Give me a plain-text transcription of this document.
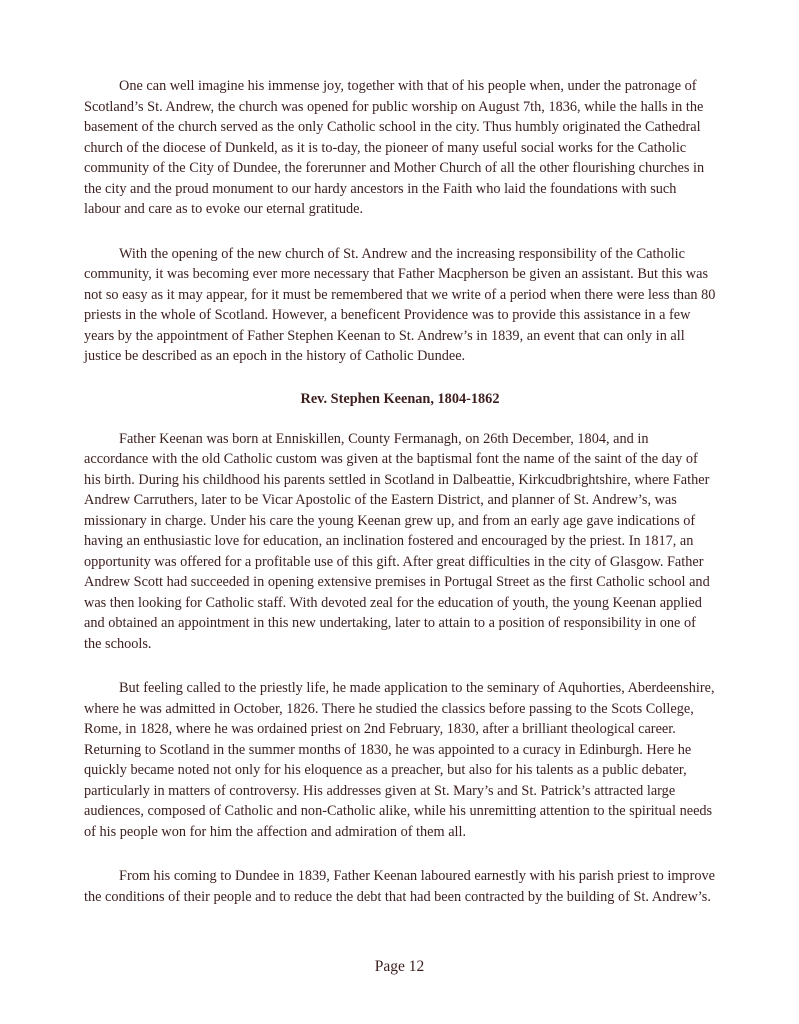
One can well imagine his immense joy, together with that of his people when, under the patronage of Scotland’s St. Andrew, the church was opened for public worship on August 7th, 1836, while the halls in the basement of the church served as the only Catholic school in the city. Thus humbly originated the Cathedral church of the diocese of Dunkeld, as it is to-day, the pioneer of many useful social works for the Catholic community of the City of Dundee, the forerunner and Mother Church of all the other flourishing churches in the city and the proud monument to our hardy ancestors in the Faith who laid the foundations with such labour and care as to evoke our eternal gratitude.

With the opening of the new church of St. Andrew and the increasing responsibility of the Catholic community, it was becoming ever more necessary that Father Macpherson be given an assistant. But this was not so easy as it may appear, for it must be remembered that we write of a period when there were less than 80 priests in the whole of Scotland. However, a beneficent Providence was to provide this assistance in a few years by the appointment of Father Stephen Keenan to St. Andrew’s in 1839, an event that can only in all justice be described as an epoch in the history of Catholic Dundee.

Rev. Stephen Keenan, 1804-1862

Father Keenan was born at Enniskillen, County Fermanagh, on 26th December, 1804, and in accordance with the old Catholic custom was given at the baptismal font the name of the saint of the day of his birth. During his childhood his parents settled in Scotland in Dalbeattie, Kirkcudbrightshire, where Father Andrew Carruthers, later to be Vicar Apostolic of the Eastern District, and planner of St. Andrew’s, was missionary in charge. Under his care the young Keenan grew up, and from an early age gave indications of having an enthusiastic love for education, an inclination fostered and encouraged by the priest. In 1817, an opportunity was offered for a profitable use of this gift. After great difficulties in the city of Glasgow. Father Andrew Scott had succeeded in opening extensive premises in Portugal Street as the first Catholic school and was then looking for Catholic staff. With devoted zeal for the education of youth, the young Keenan applied and obtained an appointment in this new undertaking, later to attain to a position of responsibility in one of the schools.

But feeling called to the priestly life, he made application to the seminary of Aquhorties, Aberdeenshire, where he was admitted in October, 1826. There he studied the classics before passing to the Scots College, Rome, in 1828, where he was ordained priest on 2nd February, 1830, after a brilliant theological career. Returning to Scotland in the summer months of 1830, he was appointed to a curacy in Edinburgh. Here he quickly became noted not only for his eloquence as a preacher, but also for his talents as a public debater, particularly in matters of controversy. His addresses given at St. Mary’s and St. Patrick’s attracted large audiences, composed of Catholic and non-Catholic alike, while his unremitting attention to the spiritual needs of his people won for him the affection and admiration of them all.

From his coming to Dundee in 1839, Father Keenan laboured earnestly with his parish priest to improve the conditions of their people and to reduce the debt that had been contracted by the building of St. Andrew’s.

Page 12
